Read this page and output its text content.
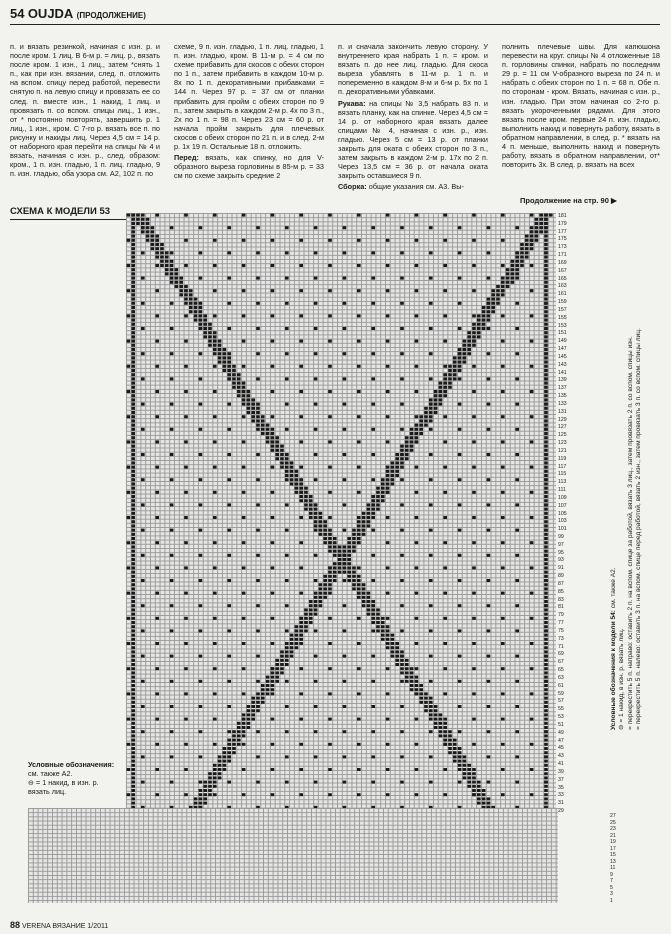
54 OUJDA (ПРОДОЛЖЕНИЕ)

п. и вязать резинкой, начиная с изн. р. и после кром. 1 лиц. В 6-м р. = лиц. р., вязать после кром. 1 изн., 1 лиц., затем *снять 1 п., как при изн. вязании, след. п. отложить на вспом. спицу перед работой, перевести снятую п. на левую спицу и провязать ее со след. п. вместе изн., 1 накид, 1 лиц. и провязать п. со вспом. спицы лиц., 1 изн., от * постоянно повторять, завершить р. 1 лиц., 1 изн., кром. С 7-го р. вязать все п. по рисунку и накиды лиц. Через 4,5 см = 14 р. от наборного края перейти на спицы № 4 и вязать, начиная с изн. р., след. образом: кром., 1 п. изн. гладью, 1 п. лиц. гладью, 9 п. изн. гладью, оба узора см. А2, 102 п. по

схеме, 9 п. изн. гладью, 1 п. лиц. гладью, 1 п. изн. гладью, кром. В 11-м р. = 4 см по схеме прибавить для скосов с обеих сторон по 1 п., затем прибавить в каждом 10-м р. 8х по 1 п. декоративными прибавками = 144 п. Через 97 р. = 37 см от планки прибавить для пройм с обеих сторон по 9 п., затем закрыть в каждом 2-м р. 4х по 3 п., 2х по 1 п. = 98 п. Через 23 см = 60 р. от начала пройм закрыть для плечевых скосов с обеих сторон по 21 п. и в след. 2-м р. 1х 19 п. Остальные 18 п. отложить.

Перед: вязать, как спинку, но для V-образного выреза горловины в 85-м р. = 33 см по схеме закрыть средние 2

п. и сначала закончить левую сторону. У внутреннего края набрать 1 п. = кром. и вязать п. до нее лиц. гладью. Для скоса выреза убавлять в 11-м р. 1 п. и попеременно в каждом 8-м и 6-м р. 5х по 1 п. декоративными убавками.

Рукава: на спицы № 3,5 набрать 83 п. и вязать планку, как на спинке. Через 4,5 см = 14 р. от наборного края вязать далее спицами № 4, начиная с изн. р., изн. гладью. Через 5 см = 13 р. от планки закрыть для оката с обеих сторон по 3 п., затем закрыть в каждом 2-м р. 17х по 2 п. Через 13,5 см = 36 р. от начала оката закрыть оставшиеся 9 п.

Сборка: общие указания см. А3. Вы-

полнить плечевые швы. Для капюшона перевести на круг. спицы № 4 отложенные 18 п. горловины спинки, набрать по последним 29 р. = 11 см V-образного выреза по 24 п. и набрать с обеих сторон по 1 п. = 68 п. Обе п. по сторонам - кром. Вязать, начиная с изн. р., изн. гладью. При этом начиная со 2-го р. вязать укороченными рядами. Для этого вязать после кром. первые 24 п. изн. гладью, выполнить накид и повернуть работу, вязать в обратном направлении, в след. р. * вязать на 4 п. меньше, выполнить накид и повернуть работу, вязать в обратном направлении, от* повторить 3х. В след. р. вязать на всех

Продолжение на стр. 90 ▶
СХЕМА К МОДЕЛИ 53	181
179
177
175
173
171
169
167
165
163
161
159
157
155
153
151
149
147
145
143
141
139
137
135
133
131
129
127
125
123
121
119
117
115
113
111
109
107
105
103
101
99
97
95
93
91
89
87
85
83
81
79
77
75
73
71
69
67
65
63
61
59
57
55
53
51
49
47
45
43
41
39
37
35
33
31
29
27
25
23
21
19
17
15
13
11
9
7
5
3
1
Условные обозначения к модели 54: см. также А2.
⊖ = 1 накид, в изн. р. вязать лиц.
= перекрестить 5 п. направо: оставить 2 п. на вспом. спице за работой, вязать 3 лиц., затем провязать 2 п. со вспом. спицы изн.
= перекрестить 5 п. налево: оставить 3 п. на вспом. спице перед работой, вязать 2 изн., затем провязать 3 п. со вспом. спицы лиц.
Условные обозначения: см. также А2.
⊖ = 1 накид, в изн. р. вязать лиц.
88 VERENA ВЯЗАНИЕ 1/2011
